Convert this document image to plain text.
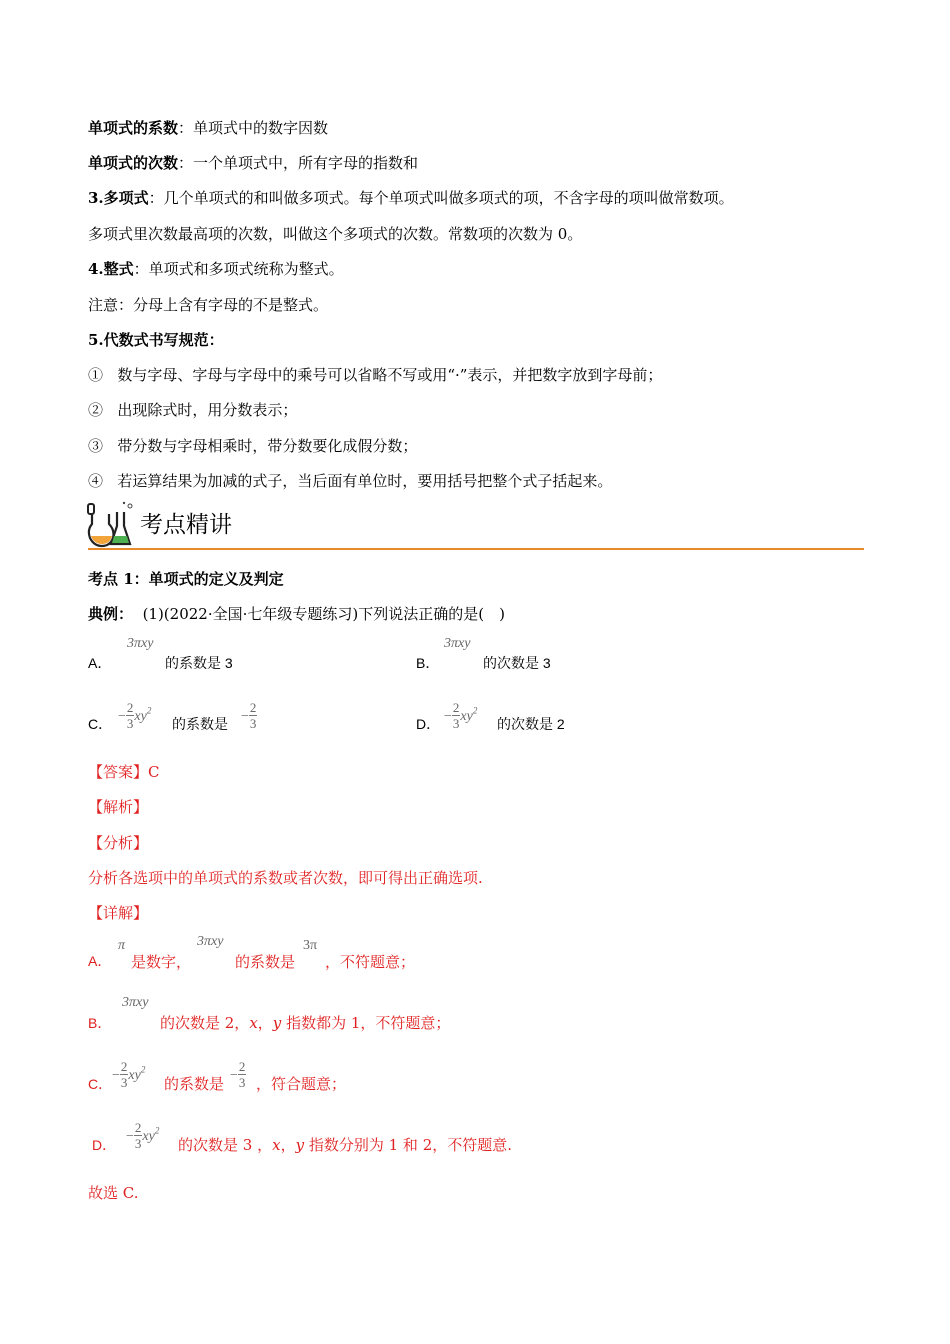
单项式的系数：单项式中的数字因数
单项式的次数：一个单项式中，所有字母的指数和
3.多项式：几个单项式的和叫做多项式。每个单项式叫做多项式的项，不含字母的项叫做常数项。
多项式里次数最高项的次数，叫做这个多项式的次数。常数项的次数为 0。
4.整式：单项式和多项式统称为整式。
注意：分母上含有字母的不是整式。
5.代数式书写规范：
① 数与字母、字母与字母中的乘号可以省略不写或用“·”表示，并把数字放到字母前；
② 出现除式时，用分数表示；
③ 带分数与字母相乘时，带分数要化成假分数；
④ 若运算结果为加减的式子，当后面有单位时，要用括号把整个式子括起来。
考点精讲
考点 1：单项式的定义及判定
典例： (1)(2022·全国·七年级专题练习)下列说法正确的是(　)
A．
3πxy
的系数是 3	B．
3πxy
的次数是 3
C． − $\frac{2}{3} xy^2$
的系数是 − $\frac{2}{3}$	D． − $\frac{2}{3} xy^2$
的次数是 2
【答案】C
【解析】
【分析】
分析各选项中的单项式的系数或者次数，即可得出正确选项.
【详解】
A．
π
是数字，
3πxy
的系数是
3π
，不符题意；
B．
3πxy
的次数是 2，x，y 指数都为 1，不符题意；
C．
− $\frac{2}{3} xy^2$
的系数是 − $\frac{2}{3}$ ，符合题意；
D．
− $\frac{2}{3} xy^2$
的次数是 3 ，x，y 指数分别为 1 和 2，不符题意.
故选 C.
